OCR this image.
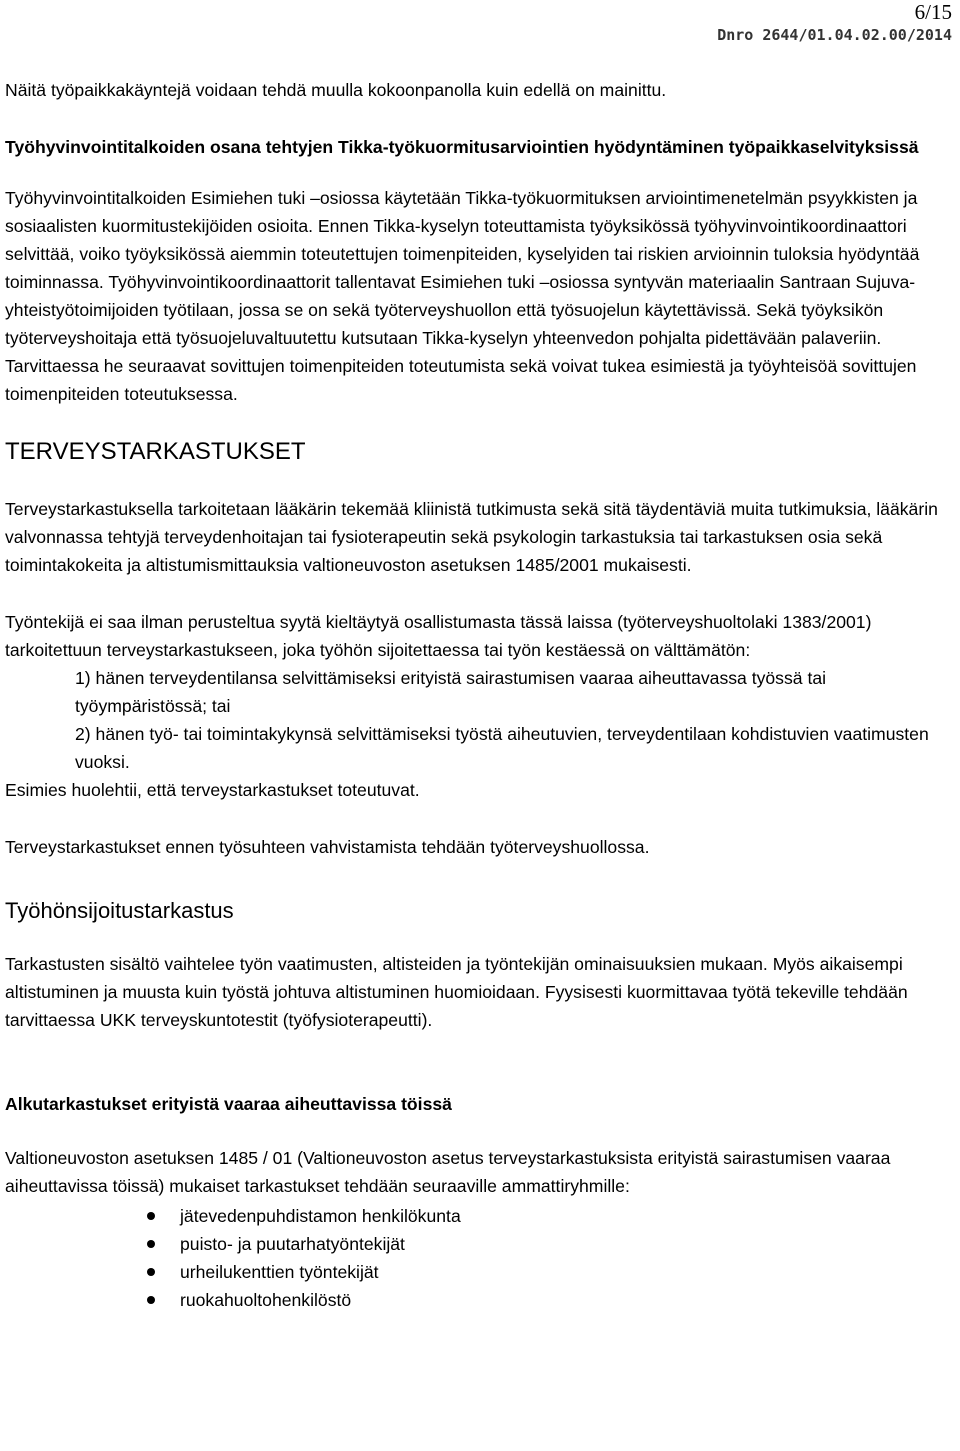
6/15
Dnro 2644/01.04.02.00/2014

Näitä työpaikkakäyntejä voidaan tehdä muulla kokoonpanolla kuin edellä on mainittu.

Työhyvinvointitalkoiden osana tehtyjen Tikka-työkuormitusarviointien hyödyntäminen työpaikkaselvityksissä

Työhyvinvointitalkoiden Esimiehen tuki –osiossa käytetään Tikka-työkuormituksen arviointimenetelmän psyykkisten ja sosiaalisten kuormitustekijöiden osioita. Ennen Tikka-kyselyn toteuttamista työyksikössä työhyvinvointikoordinaattori selvittää, voiko työyksikössä aiemmin toteutettujen toimenpiteiden, kyselyiden tai riskien arvioinnin tuloksia hyödyntää toiminnassa. Työhyvinvointikoordinaattorit tallentavat Esimiehen tuki –osiossa syntyvän materiaalin Santraan Sujuva-yhteistyötoimijoiden työtilaan, jossa se on sekä työterveyshuollon että työsuojelun käytettävissä. Sekä työyksikön työterveyshoitaja että työsuojeluvaltuutettu kutsutaan Tikka-kyselyn yhteenvedon pohjalta pidettävään palaveriin. Tarvittaessa he seuraavat sovittujen toimenpiteiden toteutumista sekä voivat tukea esimiestä ja työyhteisöä sovittujen toimenpiteiden toteutuksessa.

TERVEYSTARKASTUKSET

Terveystarkastuksella tarkoitetaan lääkärin tekemää kliinistä tutkimusta sekä sitä täydentäviä muita tutkimuksia, lääkärin valvonnassa tehtyjä terveydenhoitajan tai fysioterapeutin sekä psykologin tarkastuksia tai tarkastuksen osia sekä toimintakokeita ja altistumismittauksia valtioneuvoston asetuksen 1485/2001 mukaisesti.

Työntekijä ei saa ilman perusteltua syytä kieltäytyä osallistumasta tässä laissa (työterveyshuoltolaki 1383/2001) tarkoitettuun terveystarkastukseen, joka työhön sijoitettaessa tai työn kestäessä on välttämätön:

1) hänen terveydentilansa selvittämiseksi erityistä sairastumisen vaaraa aiheuttavassa työssä tai työympäristössä; tai
2) hänen työ- tai toimintakykynsä selvittämiseksi työstä aiheutuvien, terveydentilaan kohdistuvien vaatimusten vuoksi.

Esimies huolehtii, että terveystarkastukset toteutuvat.

Terveystarkastukset ennen työsuhteen vahvistamista tehdään työterveyshuollossa.

Työhönsijoitustarkastus

Tarkastusten sisältö vaihtelee työn vaatimusten, altisteiden ja työntekijän ominaisuuksien mukaan. Myös aikaisempi altistuminen ja muusta kuin työstä johtuva altistuminen huomioidaan. Fyysisesti kuormittavaa työtä tekeville tehdään tarvittaessa UKK terveyskuntotestit (työfysioterapeutti).

Alkutarkastukset erityistä vaaraa aiheuttavissa töissä

Valtioneuvoston asetuksen 1485 / 01 (Valtioneuvoston asetus terveystarkastuksista erityistä sairastumisen vaaraa aiheuttavissa töissä) mukaiset tarkastukset tehdään seuraaville ammattiryhmille:

jätevedenpuhdistamon henkilökunta
puisto- ja puutarhatyöntekijät
urheilukenttien työntekijät
ruokahuoltohenkilöstö
